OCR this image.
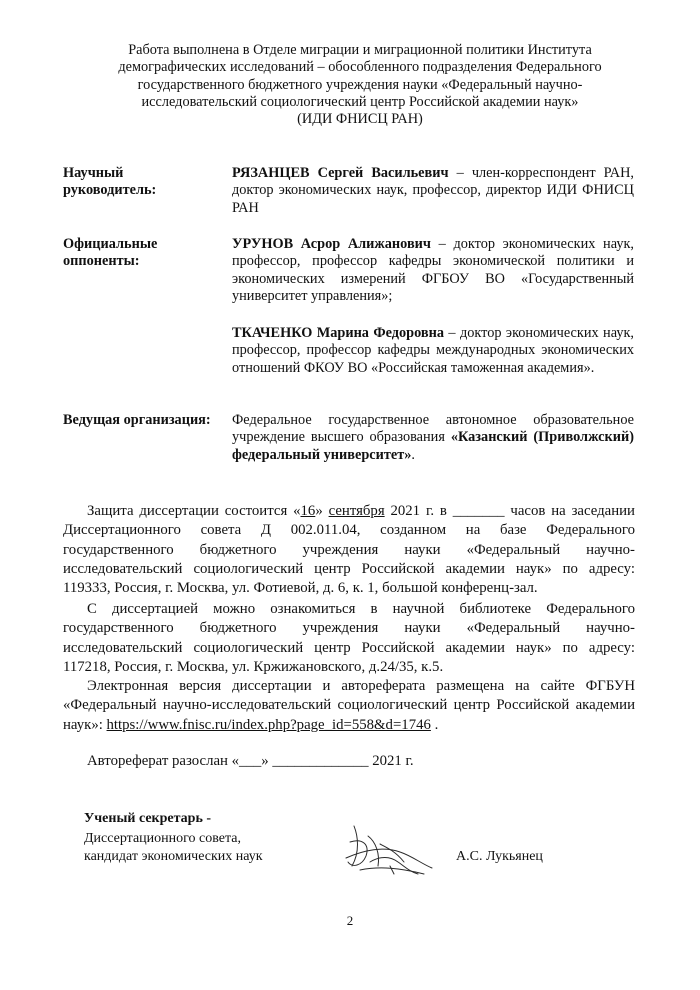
Работа выполнена в Отделе миграции и миграционной политики Института
демографических исследований – обособленного подразделения Федерального
государственного бюджетного учреждения науки «Федеральный научно-
исследовательский социологический центр Российской академии наук»
(ИДИ ФНИСЦ РАН)
Научный руководитель:
РЯЗАНЦЕВ Сергей Васильевич – член-корреспондент РАН, доктор экономических наук, профессор, директор ИДИ ФНИСЦ РАН
Официальные оппоненты:
УРУНОВ Асрор Алижанович – доктор экономических наук, профессор, профессор кафедры экономической политики и экономических измерений ФГБОУ ВО «Государственный университет управления»;
ТКАЧЕНКО Марина Федоровна – доктор экономических наук, профессор, профессор кафедры международных экономических отношений ФКОУ ВО «Российская таможенная академия».
Ведущая организация:	Федеральное государственное автономное образовательное учреждение высшего образования «Казанский (Приволжский) федеральный университет».
Защита диссертации состоится «16» сентября 2021 г. в _______ часов на заседании Диссертационного совета Д 002.011.04, созданном на базе Федерального государственного бюджетного учреждения науки «Федеральный научно-исследовательский социологический центр Российской академии наук» по адресу: 119333, Россия, г. Москва, ул. Фотиевой, д. 6, к. 1, большой конференц-зал.
С диссертацией можно ознакомиться в научной библиотеке Федерального государственного бюджетного учреждения науки «Федеральный научно-исследовательский социологический центр Российской академии наук» по адресу: 117218, Россия, г. Москва, ул. Кржижановского, д.24/35, к.5.
Электронная версия диссертации и автореферата размещена на сайте ФГБУН «Федеральный научно-исследовательский социологический центр Российской академии наук»: https://www.fnisc.ru/index.php?page_id=558&d=1746 .
Автореферат разослан «___» _____________ 2021 г.
Ученый секретарь -
Диссертационного совета,
кандидат экономических наук	А.С. Лукьянец
2
